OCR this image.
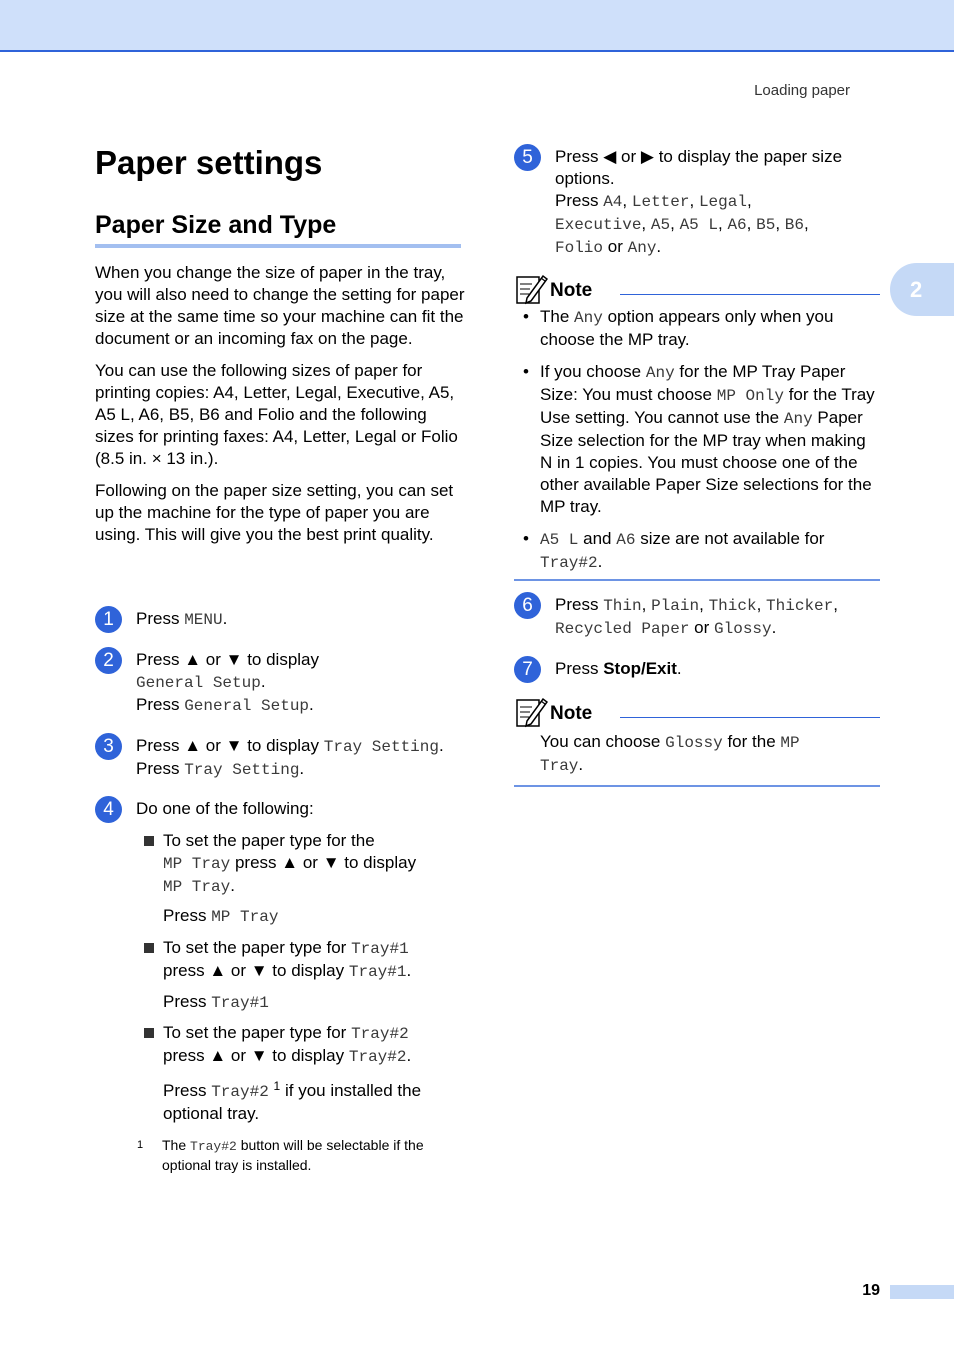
Loading paper
2
Paper settings
Paper Size and Type

When you change the size of paper in the tray, you will also need to change the setting for paper size at the same time so your machine can fit the document or an incoming fax on the page.

You can use the following sizes of paper for printing copies: A4, Letter, Legal, Executive, A5, A5 L, A6, B5, B6 and Folio and the following sizes for printing faxes: A4, Letter, Legal or Folio (8.5 in. × 13 in.).

Following on the paper size setting, you can set up the machine for the type of paper you are using. This will give you the best print quality.

1	Press MENU.
2	Press ▲ or ▼ to display
General Setup.
Press General Setup.
3	Press ▲ or ▼ to display Tray Setting.
Press Tray Setting.
4	Do one of the following:
To set the paper type for the
MP Tray press ▲ or ▼ to display
MP Tray.
Press MP Tray
To set the paper type for Tray#1
press ▲ or ▼ to display Tray#1.
Press Tray#1
To set the paper type for Tray#2
press ▲ or ▼ to display Tray#2.
Press Tray#2 $^1$ if you installed the optional tray.
1 The Tray#2 button will be selectable if the optional tray is installed.
5	Press ◀ or ▶ to display the paper size options.
Press A4, Letter, Legal,
Executive, A5, A5 L, A6, B5, B6,
Folio or Any.
Note
• The Any option appears only when you choose the MP tray.
• If you choose Any for the MP Tray Paper Size: You must choose MP Only for the Tray Use setting. You cannot use the Any Paper Size selection for the MP tray when making N in 1 copies. You must choose one of the other available Paper Size selections for the MP tray.
• A5 L and A6 size are not available for Tray#2.
6	Press Thin, Plain, Thick, Thicker,
Recycled Paper or Glossy.
7	Press Stop/Exit.
Note
You can choose Glossy for the MP Tray.
19
